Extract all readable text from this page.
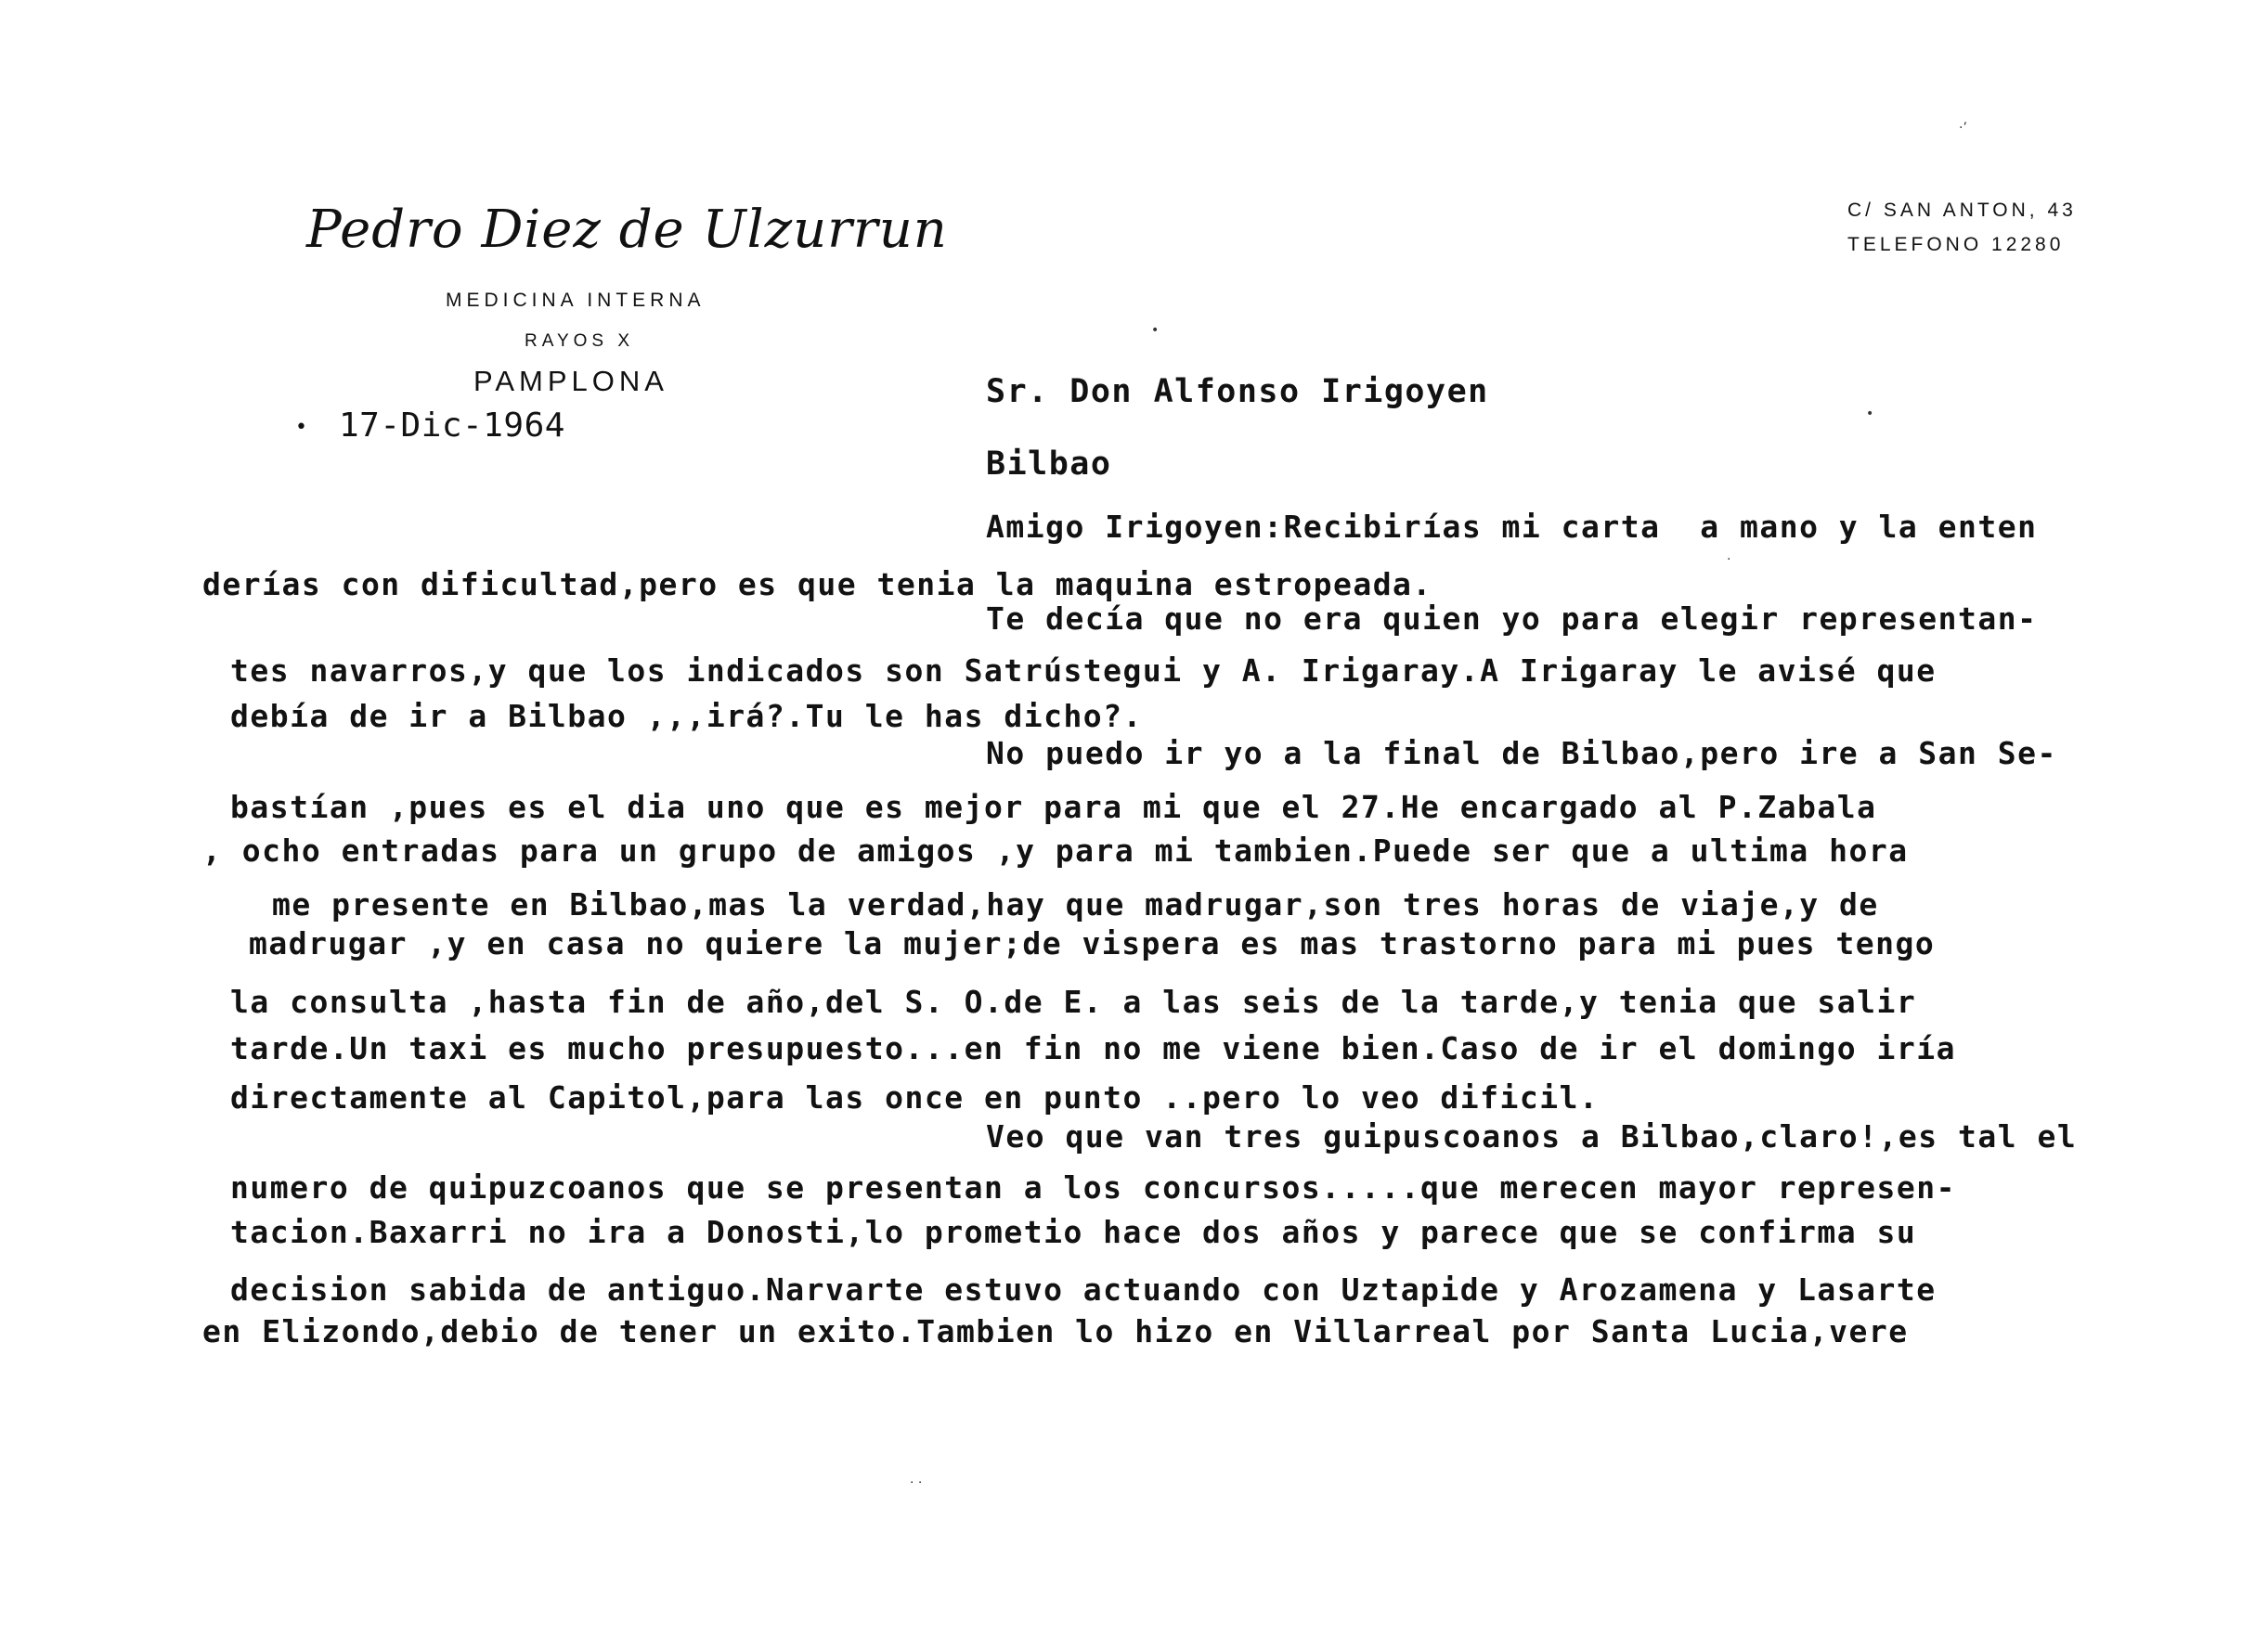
Pedro Diez de Ulzurrun
MEDICINA INTERNA
RAYOS X
PAMPLONA
C/ SAN ANTON, 43
TELEFONO 12280
• 17-Dic-1964
Sr. Don Alfonso Irigoyen
Bilbao
Amigo Irigoyen:Recibirías mi carta  a mano y la enten
derías con dificultad,pero es que tenia la maquina estropeada.
Te decía que no era quien yo para elegir representan-
tes navarros,y que los indicados son Satrústegui y A. Irigaray.A Irigaray le avisé que
debía de ir a Bilbao ,,,irá?.Tu le has dicho?.
No puedo ir yo a la final de Bilbao,pero ire a San Se-
bastían ,pues es el dia uno que es mejor para mi que el 27.He encargado al P.Zabala
, ocho entradas para un grupo de amigos ,y para mi tambien.Puede ser que a ultima hora
me presente en Bilbao,mas la verdad,hay que madrugar,son tres horas de viaje,y de
madrugar ,y en casa no quiere la mujer;de vispera es mas trastorno para mi pues tengo
la consulta ,hasta fin de año,del S. O.de E. a las seis de la tarde,y tenia que salir
tarde.Un taxi es mucho presupuesto...en fin no me viene bien.Caso de ir el domingo iría
directamente al Capitol,para las once en punto ..pero lo veo dificil.
Veo que van tres guipuscoanos a Bilbao,claro!,es tal el
numero de quipuzcoanos que se presentan a los concursos.....que merecen mayor represen-
tacion.Baxarri no ira a Donosti,lo prometio hace dos años y parece que se confirma su
decision sabida de antiguo.Narvarte estuvo actuando con Uztapide y Arozamena y Lasarte
en Elizondo,debio de tener un exito.Tambien lo hizo en Villarreal por Santa Lucia,vere
·’
•
•
·
· ·
